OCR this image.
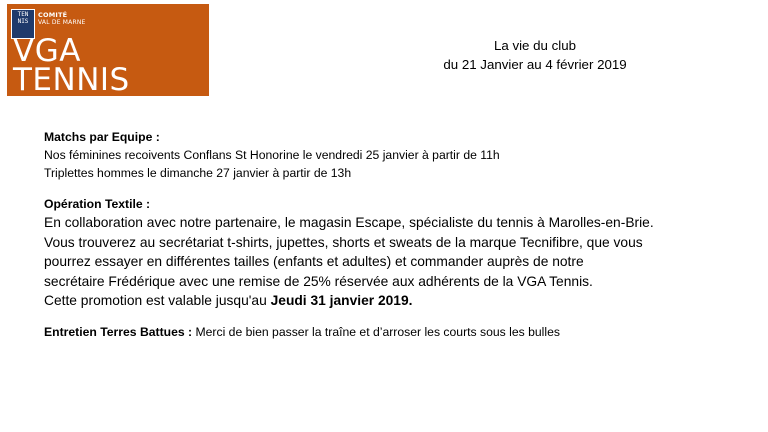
TEN
NIS
COMITÉ
VAL DE MARNE
VGA
TENNIS
La vie du club
du 21 Janvier au 4 février 2019
Matchs par Equipe :
Nos féminines recoivents Conflans St Honorine le vendredi 25 janvier à partir de 11h
Triplettes hommes le dimanche 27 janvier à partir de 13h
Opération Textile :
En collaboration avec notre partenaire, le magasin Escape, spécialiste du tennis à Marolles-en-Brie.
Vous trouverez au secrétariat t-shirts, jupettes, shorts et sweats de la marque Tecnifibre, que vous
pourrez essayer en différentes tailles (enfants et adultes) et commander auprès de notre
secrétaire Frédérique avec une remise de 25% réservée aux adhérents de la VGA Tennis.
Cette promotion est valable jusqu'au Jeudi 31 janvier 2019.
Entretien Terres Battues : Merci de bien passer la traîne et d’arroser les courts sous les bulles
